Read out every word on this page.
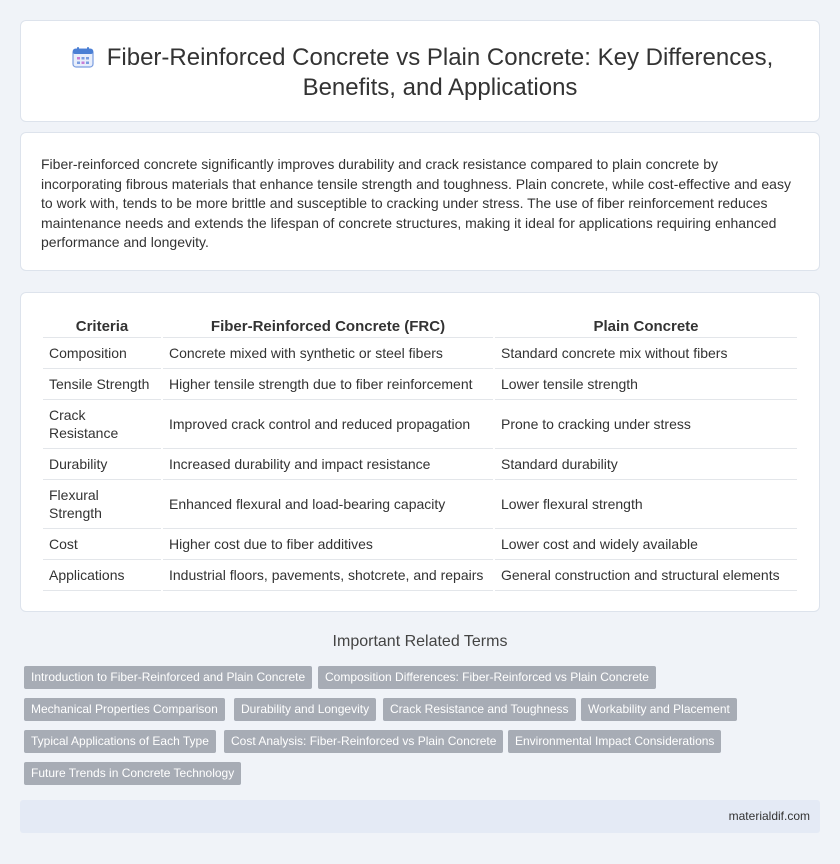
Fiber-Reinforced Concrete vs Plain Concrete: Key Differences, Benefits, and Applications

Fiber-reinforced concrete significantly improves durability and crack resistance compared to plain concrete by incorporating fibrous materials that enhance tensile strength and toughness. Plain concrete, while cost-effective and easy to work with, tends to be more brittle and susceptible to cracking under stress. The use of fiber reinforcement reduces maintenance needs and extends the lifespan of concrete structures, making it ideal for applications requiring enhanced performance and longevity.

Criteria	Fiber-Reinforced Concrete (FRC)	Plain Concrete
Composition	Concrete mixed with synthetic or steel fibers	Standard concrete mix without fibers
Tensile Strength	Higher tensile strength due to fiber reinforcement	Lower tensile strength
Crack Resistance	Improved crack control and reduced propagation	Prone to cracking under stress
Durability	Increased durability and impact resistance	Standard durability
Flexural Strength	Enhanced flexural and load-bearing capacity	Lower flexural strength
Cost	Higher cost due to fiber additives	Lower cost and widely available
Applications	Industrial floors, pavements, shotcrete, and repairs	General construction and structural elements
Important Related Terms
Introduction to Fiber-Reinforced and Plain Concrete	Composition Differences: Fiber-Reinforced vs Plain Concrete
Mechanical Properties Comparison	Durability and Longevity	Crack Resistance and Toughness	Workability and Placement
Typical Applications of Each Type	Cost Analysis: Fiber-Reinforced vs Plain Concrete	Environmental Impact Considerations
Future Trends in Concrete Technology
materialdif.com
